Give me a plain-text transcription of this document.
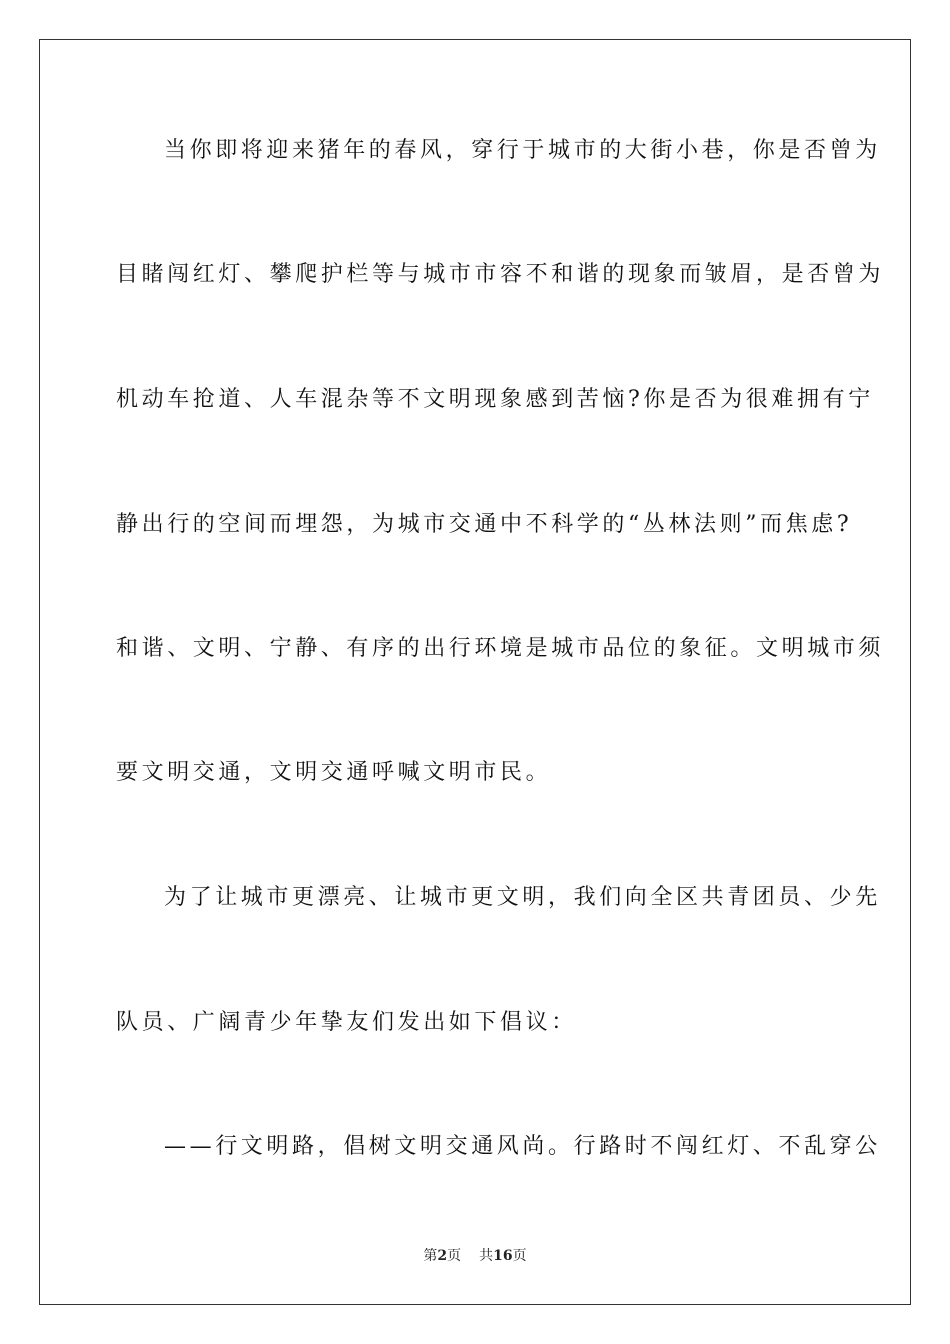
当你即将迎来猪年的春风，穿行于城市的大街小巷，你是否曾为
目睹闯红灯、攀爬护栏等与城市市容不和谐的现象而皱眉，是否曾为
机动车抢道、人车混杂等不文明现象感到苦恼?你是否为很难拥有宁
静出行的空间而埋怨，为城市交通中不科学的“丛林法则”而焦虑?
和谐、文明、宁静、有序的出行环境是城市品位的象征。文明城市须
要文明交通，文明交通呼喊文明市民。
为了让城市更漂亮、让城市更文明，我们向全区共青团员、少先
队员、广阔青少年挚友们发出如下倡议：
——行文明路，倡树文明交通风尚。行路时不闯红灯、不乱穿公
第2页 共16页
